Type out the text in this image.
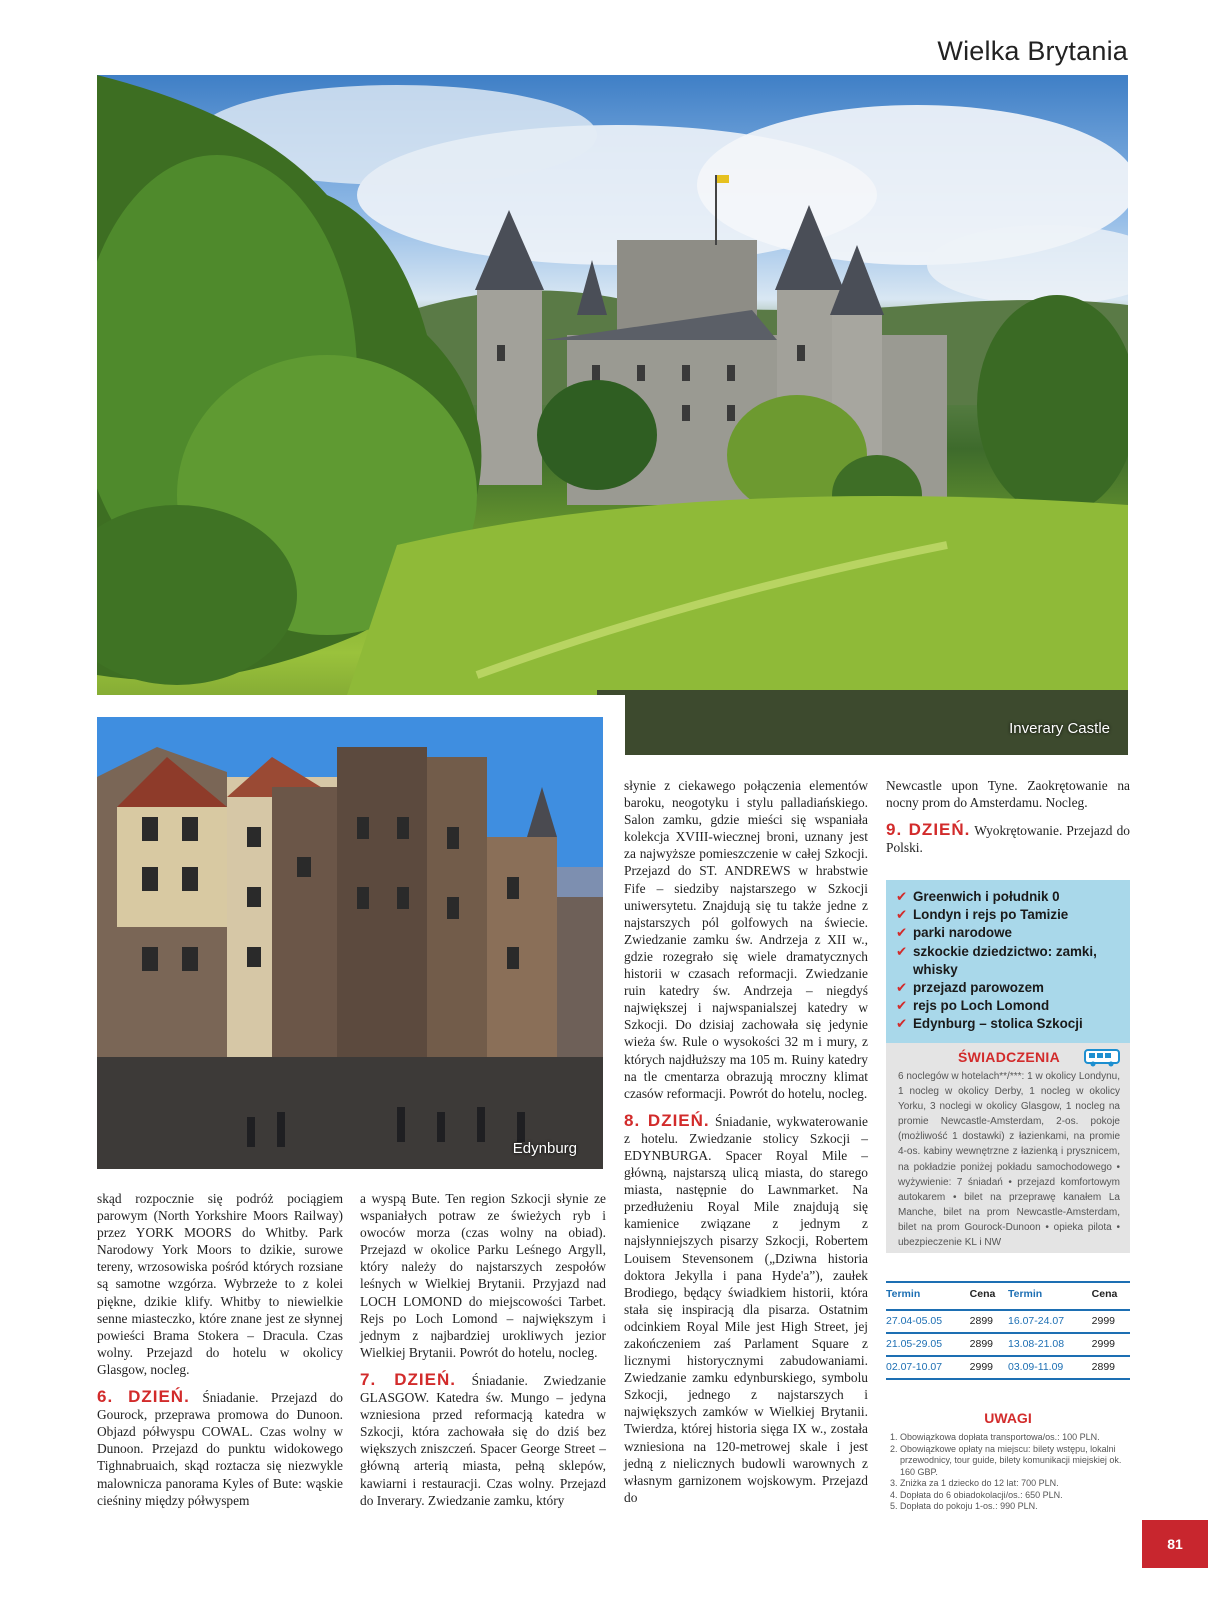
Wielka Brytania
Inverary Castle
Edynburg

skąd rozpocznie się podróż pociągiem parowym (North Yorkshire Moors Railway) przez YORK MOORS do Whitby. Park Narodowy York Moors to dzikie, surowe tereny, wrzosowiska pośród których rozsiane są samotne wzgórza. Wybrzeże to z kolei piękne, dzikie klify. Whitby to niewielkie senne miasteczko, które znane jest ze słynnej powieści Brama Stokera – Dracula. Czas wolny. Przejazd do hotelu w okolicy Glasgow, nocleg.

6. DZIEŃ. Śniadanie. Przejazd do Gourock, przeprawa promowa do Dunoon. Objazd półwyspu COWAL. Czas wolny w Dunoon. Przejazd do punktu widokowego Tighnabruaich, skąd roztacza się niezwykle malownicza panorama Kyles of Bute: wąskie cieśniny między półwyspem

a wyspą Bute. Ten region Szkocji słynie ze wspaniałych potraw ze świeżych ryb i owoców morza (czas wolny na obiad). Przejazd w okolice Parku Leśnego Argyll, który należy do najstarszych zespołów leśnych w Wielkiej Brytanii. Przyjazd nad LOCH LOMOND do miejscowości Tarbet. Rejs po Loch Lomond – największym i jednym z najbardziej urokliwych jezior Wielkiej Brytanii. Powrót do hotelu, nocleg.

7. DZIEŃ. Śniadanie. Zwiedzanie GLASGOW. Katedra św. Mungo – jedyna wzniesiona przed reformacją katedra w Szkocji, która zachowała się do dziś bez większych zniszczeń. Spacer George Street – główną arterią miasta, pełną sklepów, kawiarni i restauracji. Czas wolny. Przejazd do Inverary. Zwiedzanie zamku, który

słynie z ciekawego połączenia elementów baroku, neogotyku i stylu palladiańskiego. Salon zamku, gdzie mieści się wspaniała kolekcja XVIII-wiecznej broni, uznany jest za najwyższe pomieszczenie w całej Szkocji. Przejazd do ST. ANDREWS w hrabstwie Fife – siedziby najstarszego w Szkocji uniwersytetu. Znajdują się tu także jedne z najstarszych pól golfowych na świecie. Zwiedzanie zamku św. Andrzeja z XII w., gdzie rozegrało się wiele dramatycznych historii w czasach reformacji. Zwiedzanie ruin katedry św. Andrzeja – niegdyś największej i najwspanialszej katedry w Szkocji. Do dzisiaj zachowała się jedynie wieża św. Rule o wysokości 32 m i mury, z których najdłuższy ma 105 m. Ruiny katedry na tle cmentarza obrazują mroczny klimat czasów reformacji. Powrót do hotelu, nocleg.

8. DZIEŃ. Śniadanie, wykwaterowanie z hotelu. Zwiedzanie stolicy Szkocji – EDYNBURGA. Spacer Royal Mile – główną, najstarszą ulicą miasta, do starego miasta, następnie do Lawnmarket. Na przedłużeniu Royal Mile znajdują się kamienice związane z jednym z najsłynniejszych pisarzy Szkocji, Robertem Louisem Stevensonem („Dziwna historia doktora Jekylla i pana Hyde'a”), zaułek Brodiego, będący świadkiem historii, która stała się inspiracją dla pisarza. Ostatnim odcinkiem Royal Mile jest High Street, jej zakończeniem zaś Parlament Square z licznymi historycznymi zabudowaniami. Zwiedzanie zamku edynburskiego, symbolu Szkocji, jednego z najstarszych i największych zamków w Wielkiej Brytanii. Twierdza, której historia sięga IX w., została wzniesiona na 120-metrowej skale i jest jedną z nielicznych budowli warownych z własnym garnizonem wojskowym. Przejazd do

Newcastle upon Tyne. Zaokrętowanie na nocny prom do Amsterdamu. Nocleg.

9. DZIEŃ. Wyokrętowanie. Przejazd do Polski.

✔ Greenwich i południk 0
✔ Londyn i rejs po Tamizie
✔ parki narodowe
✔ szkockie dziedzictwo: zamki, whisky
✔ przejazd parowozem
✔ rejs po Loch Lomond
✔ Edynburg – stolica Szkocji
ŚWIADCZENIA
6 noclegów w hotelach**/***: 1 w okolicy Londynu, 1 nocleg w okolicy Derby, 1 nocleg w okolicy Yorku, 3 noclegi w okolicy Glasgow, 1 nocleg na promie Newcastle-Amsterdam, 2-os. pokoje (możliwość 1 dostawki) z łazienkami, na promie 4-os. kabiny wewnętrzne z łazienką i prysznicem, na pokładzie poniżej pokładu samochodowego • wyżywienie: 7 śniadań • przejazd komfortowym autokarem • bilet na przeprawę kanałem La Manche, bilet na prom Newcastle-Amsterdam, bilet na prom Gourock-Dunoon • opieka pilota • ubezpieczenie KL i NW
Termin	Cena	Termin	Cena
27.04-05.05	2899	16.07-24.07	2999
21.05-29.05	2899	13.08-21.08	2999
02.07-10.07	2999	03.09-11.09	2899
UWAGI
1. Obowiązkowa dopłata transportowa/os.: 100 PLN.
2. Obowiązkowe opłaty na miejscu: bilety wstępu, lokalni przewodnicy, tour guide, bilety komunikacji miejskiej ok. 160 GBP.
3. Zniżka za 1 dziecko do 12 lat: 700 PLN.
4. Dopłata do 6 obiadokolacji/os.: 650 PLN.
5. Dopłata do pokoju 1-os.: 990 PLN.
81
